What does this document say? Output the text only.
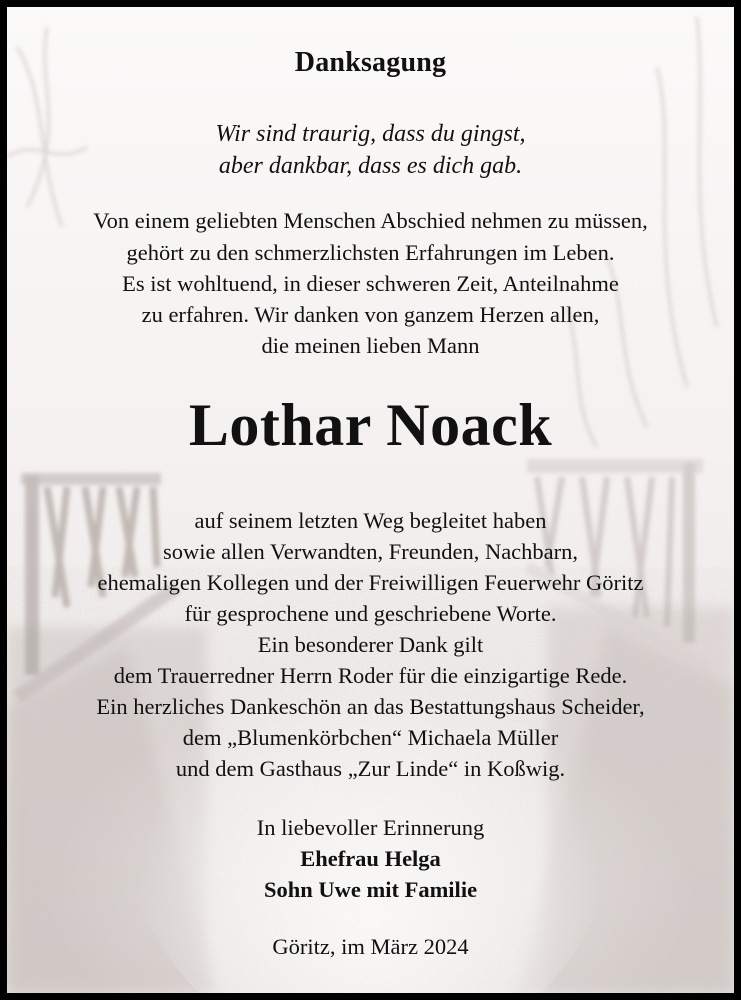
Danksagung
Wir sind traurig, dass du gingst,
aber dankbar, dass es dich gab.
Von einem geliebten Menschen Abschied nehmen zu müssen,
gehört zu den schmerzlichsten Erfahrungen im Leben.
Es ist wohltuend, in dieser schweren Zeit, Anteilnahme
zu erfahren. Wir danken von ganzem Herzen allen,
die meinen lieben Mann
Lothar Noack
auf seinem letzten Weg begleitet haben
sowie allen Verwandten, Freunden, Nachbarn,
ehemaligen Kollegen und der Freiwilligen Feuerwehr Göritz
für gesprochene und geschriebene Worte.
Ein besonderer Dank gilt
dem Trauerredner Herrn Roder für die einzigartige Rede.
Ein herzliches Dankeschön an das Bestattungshaus Scheider,
dem „Blumenkörbchen“ Michaela Müller
und dem Gasthaus „Zur Linde“ in Koßwig.
In liebevoller Erinnerung
Ehefrau Helga
Sohn Uwe mit Familie
Göritz, im März 2024
